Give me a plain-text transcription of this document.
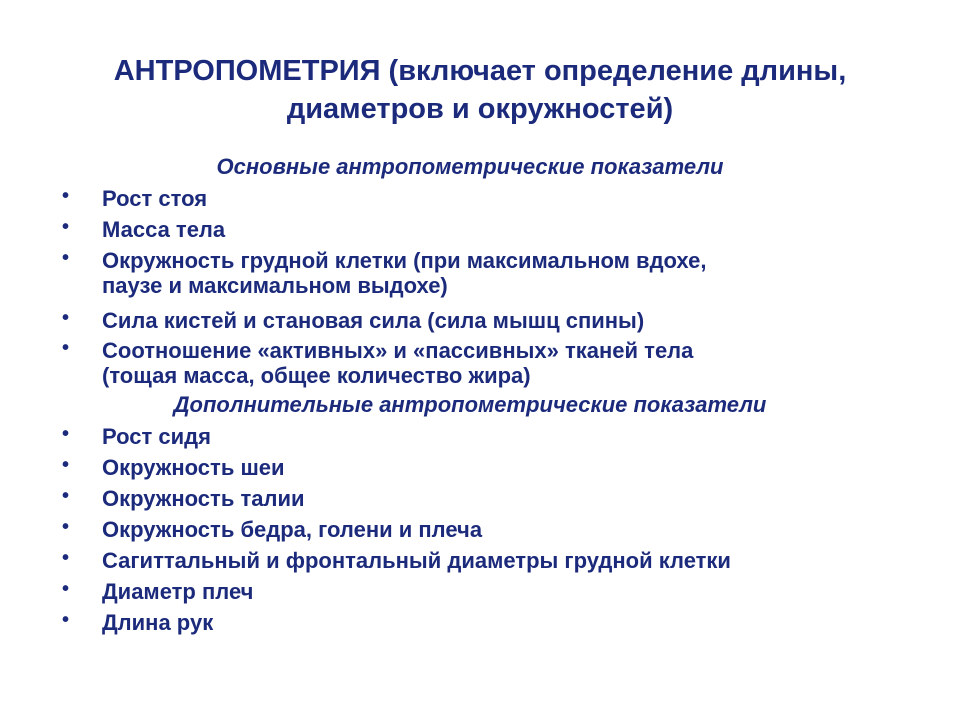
АНТРОПОМЕТРИЯ (включает определение длины,
диаметров и окружностей)
Основные антропометрические показатели
•	Рост стоя
•	Масса тела
•	Окружность грудной клетки (при максимальном вдохе,
паузе и максимальном выдохе)
•	Сила кистей и становая сила (сила мышц спины)
•	Соотношение «активных» и «пассивных» тканей тела
(тощая масса, общее количество жира)
Дополнительные антропометрические показатели
•	Рост сидя
•	Окружность шеи
•	Окружность талии
•	Окружность бедра, голени и плеча
•	Сагиттальный и фронтальный диаметры грудной клетки
•	Диаметр плеч
•	Длина рук
